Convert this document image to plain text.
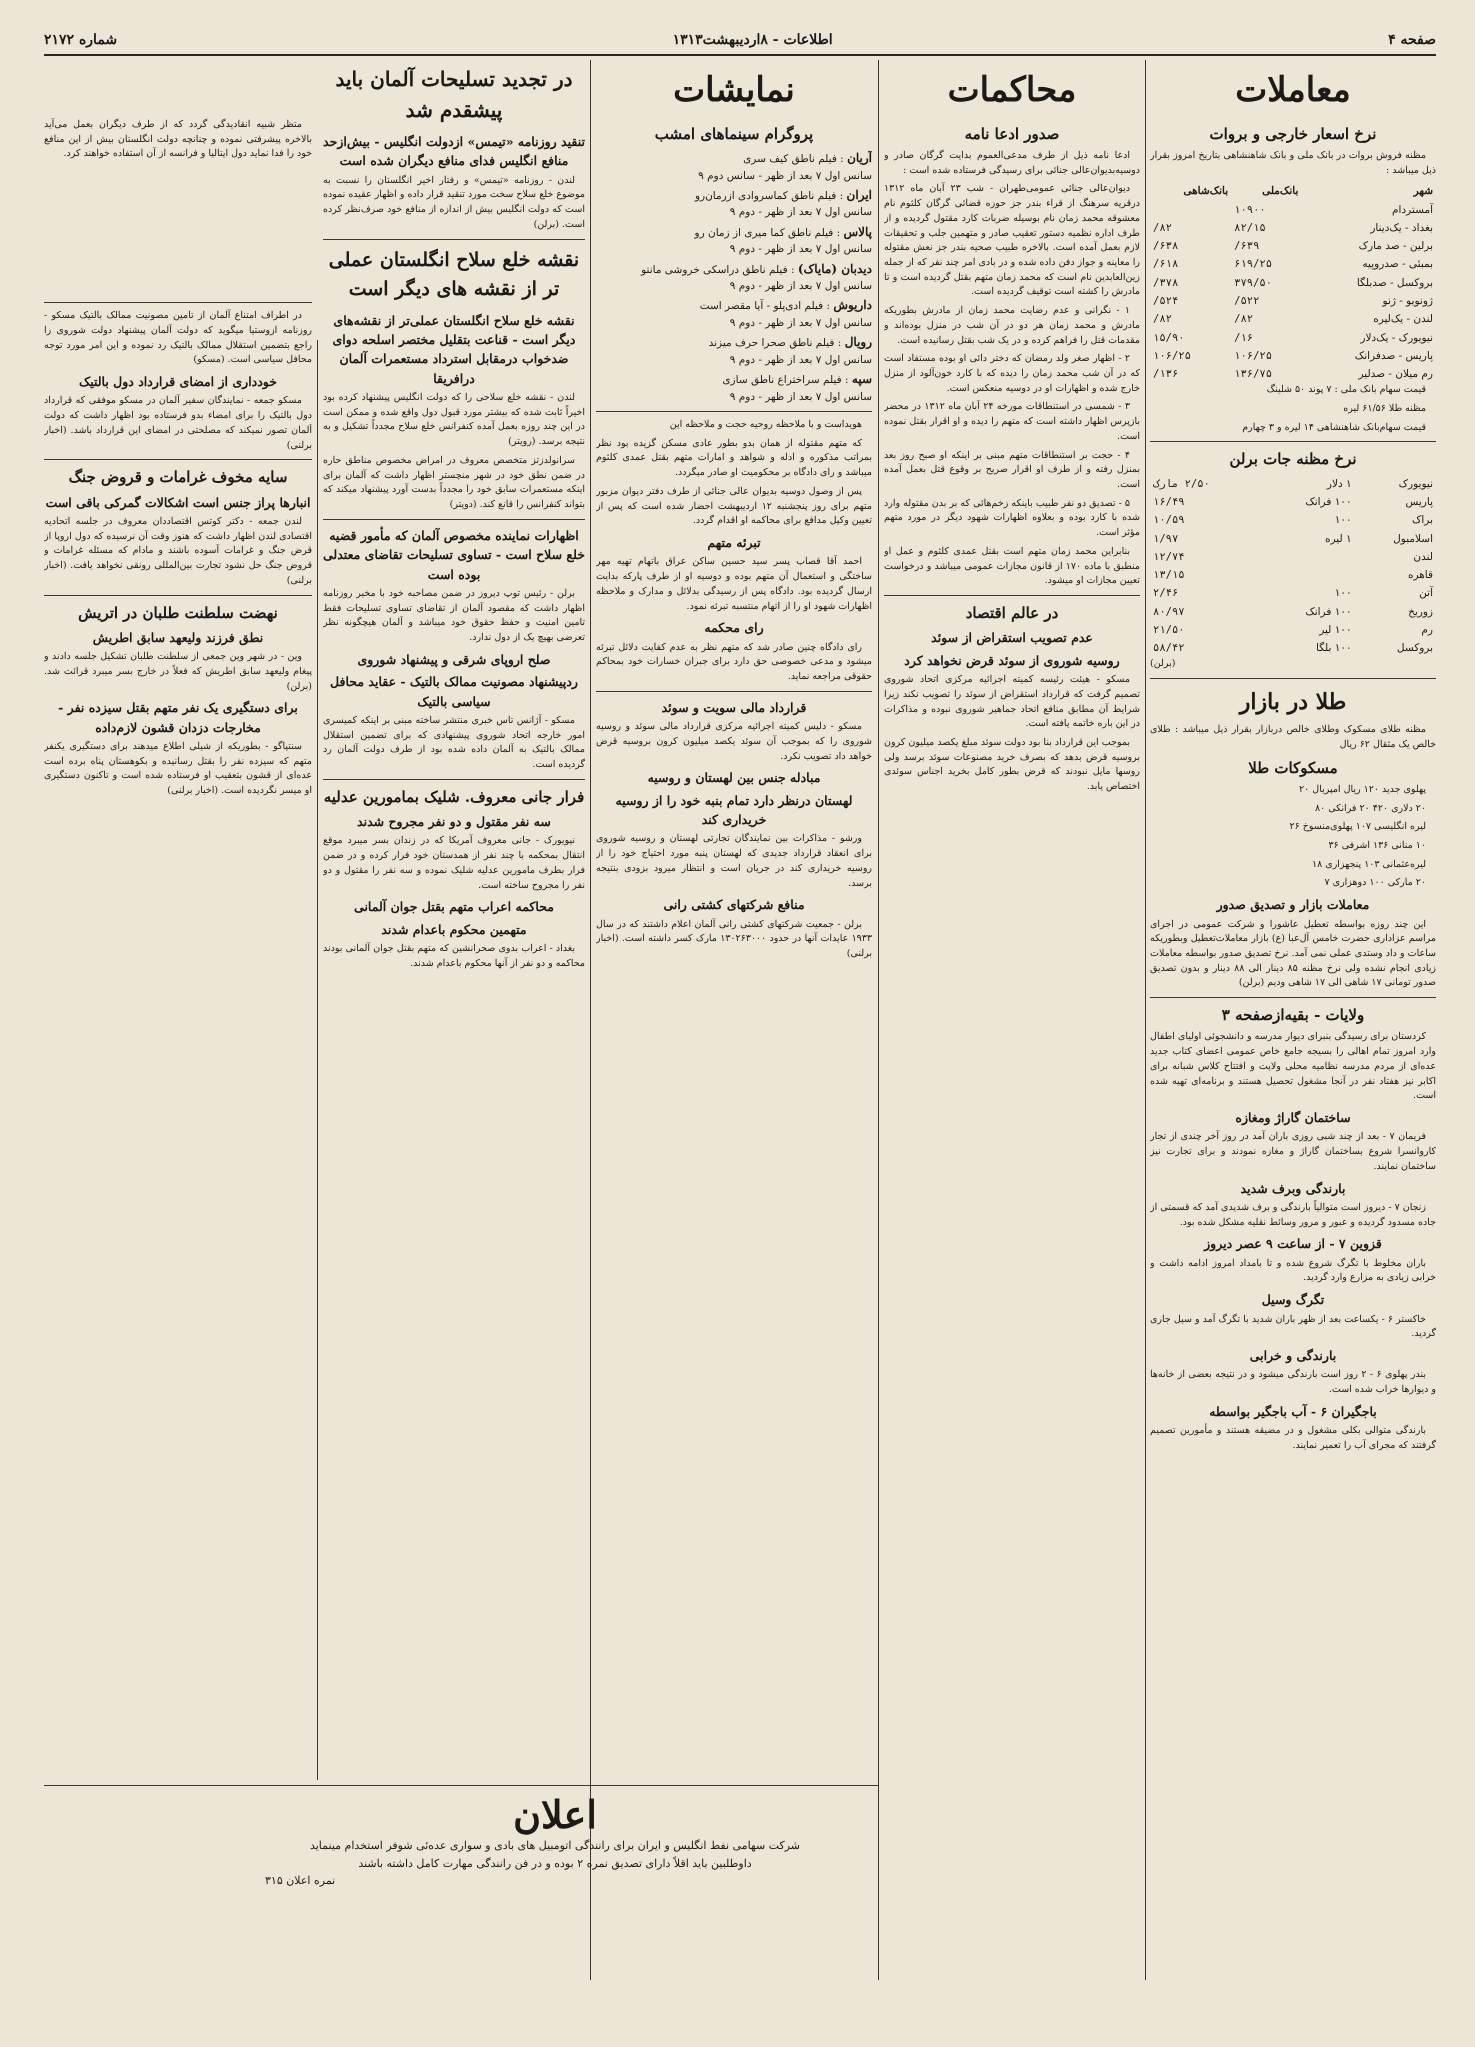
صفحه ۴
اطلاعات - ۸اردیبهشت۱۳۱۳
شماره ۲۱۷۲
معاملات
نرخ اسعار خارجی و بروات

مظنه فروش بروات در بانک ملی و بانک شاهنشاهی بتاریخ امروز بقرار ذیل میباشد :

شهر	بانک‌ملی	بانک‌شاهی
آمستردام	۱۰۹۰۰	
بغداد - یک‌دینار	۸۲/۱۵	۸۲/
برلین - صد مارک	۶۳۹/	۶۳۸/
بمبئی - صدروپیه	۶۱۹/۲۵	۶۱۸/
بروکسل - صدبلگا	۳۷۹/۵۰	۳۷۸/
ژونویو - ژنو	۵۲۲/	۵۲۴/
لندن - یک‌لیره	۸۲/	۸۲/
نیویورک - یک‌دلار	۱۶/	۱۵/۹۰
پاریس - صدفرانک	۱۰۶/۲۵	۱۰۶/۲۵
رم میلان - صدلیر	۱۳۶/۷۵	۱۳۶/

قیمت سهام بانک ملی : ۷ پوند ۵۰ شلینگ

مظنه طلا ۶۱/۵۶ لیره

قیمت سهام‌بانک شاهنشاهی ۱۴ لیره و ۳ چهارم

نرخ مظنه جات برلن
نیویورک	۱ دلار	۲/۵۰ مارک
پاریس	۱۰۰ فرانک	۱۶/۴۹
براک	۱۰۰	۱۰/۵۹
اسلامبول	۱ لیره	۱/۹۷
لندن		۱۲/۷۴
قاهره		۱۳/۱۵
آتن	۱۰۰	۲/۴۶
زوریخ	۱۰۰ فرانک	۸۰/۹۷
رم	۱۰۰ لیر	۲۱/۵۰
بروکسل	۱۰۰ بلگا	۵۸/۴۲

(برلن)

طلا در بازار

مظنه طلای مسکوک وطلای خالص دربازار بقرار ذیل میباشد : طلای خالص یک مثقال ۶۲ ریال

مسکوکات طلا

پهلوی جدید ۱۲۰ ریال امپریال ۲۰

۲۰ دلاری ۴۲۰ ۲۰ فرانکی ۸۰

لیره انگلیسی ۱۰۷ پهلوی‌منسوخ ۲۶

۱۰ منانی ۱۳۶ اشرفی ۳۶

لیره‌عثمانی ۱۰۳ پنجهزاری ۱۸

۲۰ مارکی ۱۰۰ دوهزاری ۷

معاملات بازار و تصدیق صدور

این چند روزه بواسطه تعطیل عاشورا و شرکت عمومی در اجرای مراسم عزاداری حضرت خامس آل‌عبا (ع) بازار معاملات‌تعطیل وبطوریکه ساعات و داد وستدی عملی نمی آمد. نرخ تصدیق صدور بواسطه معاملات زیادی انجام نشده ولی نرخ مظنه ۸۵ دینار الی ۸۸ دینار و بدون تصدیق صدور تومانی ۱۷ شاهی الی ۱۷ شاهی ودیم (برلن)

ولایات - بقیه‌ازصفحه ۳

کردستان برای رسیدگی بنبرای دیوار مدرسه و دانشجوئی اولیای اطفال وارد امروز تمام اهالی را بسیجه جامع خاص عمومی اعضای کتاب جدید عده‌ای از مردم مدرسه نظامیه محلی ولایت و افتتاح کلاس شبانه برای اکابر نیز هفتاد نفر در آنجا مشغول تحصیل هستند و برنامه‌ای تهیه شده است.

ساختمان گاراژ ومغازه

فریمان ۷ - بعد از چند شبی روزی باران آمد در روز آخر چندی از تجار کاروانسرا شروع بساختمان گاراژ و مغازه نمودند و برای تجارت نیز ساختمان نمایند.

بارندگی وبرف شدید

زنجان ۷ - دیروز است متوالیاً بارندگی و برف شدیدی آمد که قسمتی از جاده مسدود گردیده و عبور و مرور وسائط نقلیه مشکل شده بود.

قزوین ۷ - از ساعت ۹ عصر دیروز

باران مخلوط با تگرگ شروع شده و تا بامداد امروز ادامه داشت و خرابی زیادی به مزارع وارد گردید.

تگرگ وسیل

خاکستر ۶ - یکساعت بعد از ظهر باران شدید با تگرگ آمد و سیل جاری گردید.

بارندگی و خرابی

بندر پهلوی ۶ - ۲ روز است بارندگی میشود و در نتیجه بعضی از خانه‌ها و دیوارها خراب شده است.

باجگیران ۶ - آب باجگیر بواسطه

بارندگی متوالی بکلی مشغول و در مضیقه هستند و مأمورین تصمیم گرفتند که مجرای آب را تعمیر نمایند.

محاکمات
صدور ادعا نامه

ادعا نامه ذیل از طرف مدعی‌العموم بدایت گرگان صادر و دوسیه‌بدیوان‌عالی جنائی برای رسیدگی فرستاده شده است :

دیوان‌عالی جنائی عمومی‌طهران - شب ۲۳ آبان ماه ۱۳۱۲ درقریه سرهنگ از قراء بندر جز حوزه قضائی گرگان کلثوم نام معشوقه محمد زمان نام بوسیله ضربات کارد مقتول گردیده و از طرف اداره نظمیه دستور تعقیب صادر و متهمین جلب و تحقیقات لازم بعمل آمده است. بالاخره طبیب صحیه بندر جز نعش مقتوله را معاینه و جواز دفن داده شده و در بادی امر چند نفر که از جمله زین‌العابدین نام است که محمد زمان متهم بقتل گردیده است و تا مادرش را کشته است توقیف گردیده است.

۱ - نگرانی و عدم رضایت محمد زمان از مادرش بطوریکه مادرش و محمد زمان هر دو در آن شب در منزل بوده‌اند و مقدمات قتل را فراهم کرده و در یک شب بقتل رسانیده است.

۲ - اظهار صغر ولد رمضان که دختر دائی او بوده مستفاد است که در آن شب محمد زمان را دیده که با کارد خون‌آلود از منزل خارج شده و اظهارات او در دوسیه منعکس است.

۳ - شمسی در استنطاقات مورخه ۲۴ آبان ماه ۱۳۱۲ در محضر بازپرس اظهار داشته است که متهم را دیده و او اقرار بقتل نموده است.

۴ - حجت بر استنطاقات متهم مبنی بر اینکه او صبح روز بعد بمنزل رفته و از طرف او اقرار صریح بر وقوع قتل بعمل آمده است.

۵ - تصدیق دو نفر طبیب باینکه زخم‌هائی که بر بدن مقتوله وارد شده با کارد بوده و بعلاوه اظهارات شهود دیگر در مورد متهم مؤثر است.

بنابراین محمد زمان متهم است بقتل عمدی کلثوم و عمل او منطبق با ماده ۱۷۰ از قانون مجازات عمومی میباشد و درخواست تعیین مجازات او میشود.

در عالم اقتصاد
عدم تصویب استقراض از سوئد
روسیه شوروی از سوئد قرض نخواهد کرد

مسکو - هیئت رئیسه کمیته اجرائیه مرکزی اتحاد شوروی تصمیم گرفت که قرارداد استقراض از سوئد را تصویب نکند زیرا شرایط آن مطابق منافع اتحاد جماهیر شوروی نبوده و مذاکرات در این باره خاتمه یافته است.

بموجب این قرارداد بنا بود دولت سوئد مبلغ یکصد میلیون کرون بروسیه قرض بدهد که بصرف خرید مصنوعات سوئد برسد ولی روسها مایل نبودند که قرض بطور کامل بخرید اجناس سوئدی اختصاص یابد.

نمایشات
پروگرام سینماهای امشب
آریان : فیلم ناطق کیف سری
سانس اول ۷ بعد از ظهر - سانس دوم ۹
ایران : فیلم ناطق کماسروادی ازرمان‌رو
سانس اول ۷ بعد از ظهر - دوم ۹
پالاس : فیلم ناطق کما میری از زمان رو
سانس اول ۷ بعد از ظهر - دوم ۹
دیدبان (مایاک) : فیلم ناطق دراسکی خروشی مانتو
سانس اول ۷ بعد از ظهر - دوم ۹
داریوش : فیلم ادی‌پلو - آیا مقصر است
سانس اول ۷ بعد از ظهر - دوم ۹
رویال : فیلم ناطق صحرا حرف میزند
سانس اول ۷ بعد از ظهر - دوم ۹
سپه : فیلم سراختراع ناطق سازی
سانس اول ۷ بعد از ظهر - دوم ۹

هویداست و با ملاحظه روحیه حجت و ملاحظه این

که متهم مقتوله از همان بدو بطور عادی مسکن گزیده بود نظر بمراتب مذکوره و ادله و شواهد و امارات متهم بقتل عمدی کلثوم میباشد و رای دادگاه بر محکومیت او صادر میگردد.

پس از وصول دوسیه بدیوان عالی جنائی از طرف دفتر دیوان مزبور متهم برای روز پنجشنبه ۱۲ اردیبهشت احضار شده است که پس از تعیین وکیل مدافع برای محاکمه او اقدام گردد.

تبرئه متهم

احمد آقا قصاب پسر سید حسین ساکن عراق باتهام تهیه مهر ساختگی و استعمال آن متهم بوده و دوسیه او از طرف پارکه بدایت ارسال گردیده بود. دادگاه پس از رسیدگی بدلائل و مدارک و ملاحظه اظهارات شهود او را از اتهام منتسبه تبرئه نمود.

رای محکمه

رای دادگاه چنین صادر شد که متهم نظر به عدم کفایت دلائل تبرئه میشود و مدعی خصوصی حق دارد برای جبران خسارات خود بمحاکم حقوقی مراجعه نماید.

قرارداد مالی سویت و سوئد

مسکو - دلیس کمیته اجرائیه مرکزی قرارداد مالی سوئد و روسیه شوروی را که بموجب آن سوئد یکصد میلیون کرون بروسیه قرض خواهد داد تصویب نکرد.

مبادله جنس بین لهستان و روسیه
لهستان درنظر دارد تمام بنبه خود را از روسیه خریداری کند

ورشو - مذاکرات بین نمایندگان تجارتی لهستان و روسیه شوروی برای انعقاد قرارداد جدیدی که لهستان پنبه مورد احتیاج خود را از روسیه خریداری کند در جریان است و انتظار میرود بزودی بنتیجه برسد.

منافع شرکتهای کشتی رانی

برلن - جمعیت شرکتهای کشتی رانی آلمان اعلام داشتند که در سال ۱۹۳۳ عایدات آنها در حدود ۱۳۰۲۶۳۰۰۰ مارک کسر داشته است. (اخبار برلنی)

در تجدید تسلیحات آلمان باید پیشقدم شد
تنقید روزنامه «تیمس» ازدولت انگلیس - بیش‌ازحد منافع انگلیس فدای منافع دیگران شده است

لندن - روزنامه «تیمس» و رفتار اخیر انگلستان را نسبت به موضوع خلع سلاح سخت مورد تنقید قرار داده و اظهار عقیده نموده است که دولت انگلیس بیش از اندازه از منافع خود صرف‌نظر کرده است. (برلن)

نقشه خلع سلاح انگلستان عملی تر از نقشه های دیگر است
نقشه خلع سلاح انگلستان عملی‌تر از نقشه‌های دیگر است - قناعت بتقلیل مختصر اسلحه دوای ضدخواب درمقابل استرداد مستعمرات آلمان درافریقا

لندن - نقشه خلع سلاحی را که دولت انگلیس پیشنهاد کرده بود اخیراً ثابت شده که بیشتر مورد قبول دول واقع شده و ممکن است در این چند روزه بعمل آمده کنفرانس خلع سلاح مجدداً تشکیل و به نتیجه برسد. (رویتر)

سرانولدزتز متخصص معروف در امراض مخصوص مناطق حاره در ضمن نطق خود در شهر منچستر اظهار داشت که آلمان برای اینکه مستعمرات سابق خود را مجدداً بدست آورد پیشنهاد میکند که بتواند کنفرانس را قانع کند. (دویتر)

اظهارات نماینده مخصوص آلمان که مأمور قضیه خلع سلاح است - تساوی تسلیحات تقاضای معتدلی بوده است

برلن - رئیس توپ دیروز در ضمن مصاحبه خود با مخبر روزنامه اظهار داشت که مقصود آلمان از تقاضای تساوی تسلیحات فقط تامین امنیت و حفظ حقوق خود میباشد و آلمان هیچگونه نظر تعرضی بهیچ یک از دول ندارد.

صلح اروپای شرقی و پیشنهاد شوروی
ردپیشنهاد مصونیت ممالک بالتیک - عقاید محافل سیاسی بالتیک

مسکو - آژانس تاس خبری منتشر ساخته مبنی بر اینکه کمیسری امور خارجه اتحاد شوروی پیشنهادی که برای تضمین استقلال ممالک بالتیک به آلمان داده شده بود از طرف دولت آلمان رد گردیده است.

فرار جانی معروف. شلیک بمامورین عدلیه
سه نفر مقتول و دو نفر مجروح شدند

نیویورک - جانی معروف آمریکا که در زندان بسر میبرد موقع انتقال بمحکمه با چند نفر از همدستان خود فرار کرده و در ضمن فرار بطرف مامورین عدلیه شلیک نموده و سه نفر را مقتول و دو نفر را مجروح ساخته است.

محاکمه اعراب متهم بقتل جوان آلمانی
متهمین محکوم باعدام شدند

بغداد - اعراب بدوی صحرانشین که متهم بقتل جوان آلمانی بودند محاکمه و دو نفر از آنها محکوم باعدام شدند.

متظر شبیه انقادیدگی گردد که از طرف دیگران بعمل می‌آید بالاخره پیشرفتی نموده و چنانچه دولت انگلستان بیش از این منافع خود را فدا نماید دول ایتالیا و فرانسه از آن استفاده خواهند کرد.

در اطراف امتناع آلمان از تامین مصونیت ممالک بالتیک مسکو - روزنامه ازوستیا میگوید که دولت آلمان پیشنهاد دولت شوروی را راجع بتضمین استقلال ممالک بالتیک رد نموده و این امر مورد توجه محافل سیاسی است. (مسکو)

خودداری از امضای قرارداد دول بالتیک

مسکو جمعه - نمایندگان سفیر آلمان در مسکو موفقی که قرارداد دول بالتیک را برای امضاء بدو فرستاده بود اظهار داشت که دولت آلمان تصور نمیکند که مصلحتی در امضای این قرارداد باشد. (اخبار برلنی)

سایه مخوف غرامات و قروض جنگ
انبارها پراز جنس است اشکالات گمرکی باقی است

لندن جمعه - دکتر کوتس اقتصاددان معروف در جلسه اتحادیه اقتصادی لندن اظهار داشت که هنوز وقت آن نرسیده که دول اروپا از قرض جنگ و غرامات آسوده باشند و مادام که مسئله غرامات و قروض جنگ حل نشود تجارت بین‌المللی رونقی نخواهد یافت. (اخبار برلنی)

نهضت سلطنت طلبان در اتریش
نطق فرزند ولیعهد سابق اطریش

وین - در شهر وین جمعی از سلطنت طلبان تشکیل جلسه دادند و پیغام ولیعهد سابق اطریش که فعلاً در خارج بسر میبرد قرائت شد. (برلن)

برای دستگیری یک نفر متهم بقتل سیزده نفر - مخارجات دزدان قشون لازم‌داده

سنتیاگو - بطوریکه از شیلی اطلاع میدهند برای دستگیری یکنفر متهم که سیزده نفر را بقتل رسانیده و بکوهستان پناه برده است عده‌ای از قشون بتعقیب او فرستاده شده است و تاکنون دستگیری او میسر نگردیده است. (اخبار برلنی)

اعلان
شرکت سهامی نفط انگلیس و ایران برای رانندگی اتومبیل های بادی و سواری عده‌ئی شوفر استخدام مینماید
داوطلبین باید اقلاً دارای تصدیق نمره ۲ بوده و در فن رانندگی مهارت کامل داشته باشند
نمره اعلان ۳۱۵
